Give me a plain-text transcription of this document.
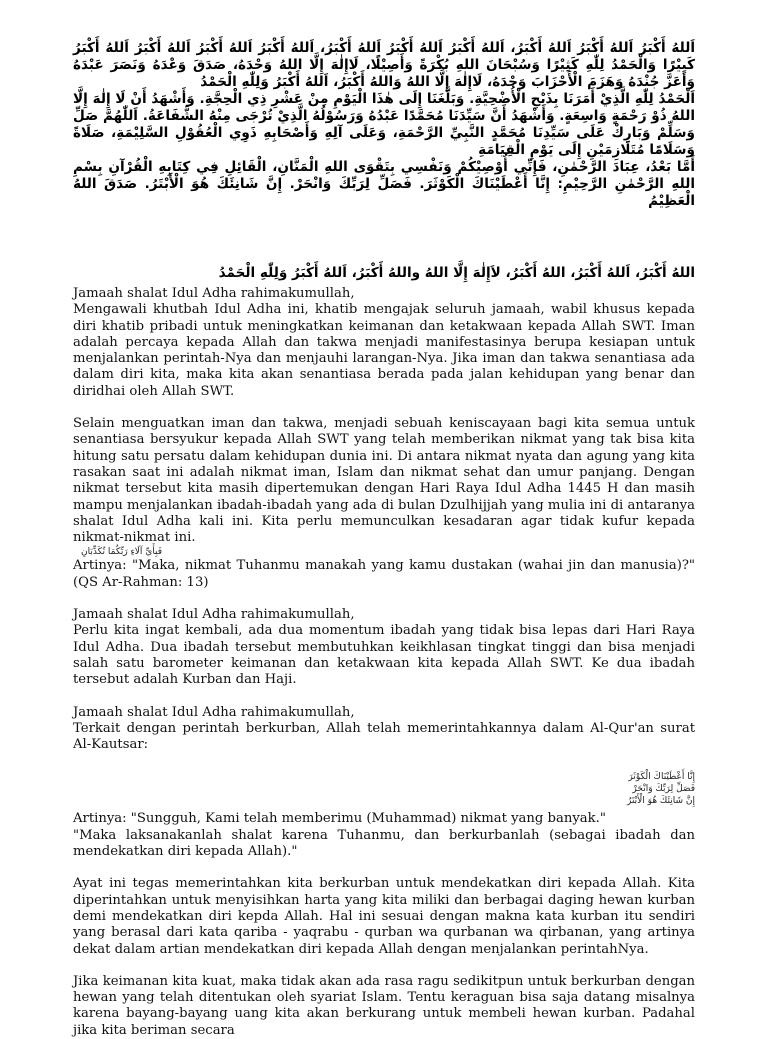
اَللهُ أَكْبَرُ اَللهُ أَكْبَرُ اَللهُ أَكْبَرُ، اَللهُ أَكْبَرُ اَللهُ أَكْبَرُ اَللهُ أَكْبَرُ، اَللهُ أَكْبَرُ اَللهُ أَكْبَرُ اَللهُ أَكْبَرُ اَللهُ أَكْبَرُ كَبِيْرًا وَالْحَمْدُ لِلّٰهِ كَثِيْرًا وَسُبْحَانَ اللهِ بُكْرَةً وَأَصِيْلًا، لَاإِلٰهَ إِلَّا اللهُ وَحْدَهُ، صَدَقَ وَعْدَهُ وَنَصَرَ عَبْدَهُ وَأَعَزَّ جُنْدَهُ وَهَزَمَ الْأَحْزَابَ وَحْدَهُ، لَاإِلٰهَ إِلَّا اللهُ وَاللهُ أَكْبَرُ، اَللهُ أَكْبَرُ وَلِلّٰهِ الْحَمْدُ

اَلْحَمْدُ لِلّٰهِ الَّذِيْ أَمَرَنَا بِذَبْحِ الْأُضْحِيَّةِ. وَبَلَّغَنَا إِلَى هٰذَا الْيَوْمِ مِنْ عَشْرِ ذِي الْحِجَّةِ. وَأَشْهَدُ أَنْ لَا إِلٰهَ إِلَّا اللهُ ذُوْ رَحْمَةٍ وَاسِعَةٍ. وَأَشْهَدُ أَنَّ سَيِّدَنَا مُحَمَّدًا عَبْدُهُ وَرَسُوْلُهُ الَّذِيْ تُرْجَى مِنْهُ الشَّفَاعَةُ. اَللّٰهُمَّ صَلِّ وَسَلِّمْ وَبَارِكْ عَلَى سَيِّدِنَا مُحَمَّدٍ النَّبِيِّ الرَّحْمَةِ، وَعَلَى آلِهِ وَأَصْحَابِهِ ذَوِي الْعُقُوْلِ السَّلِيْمَةِ، صَلَاةً وَسَلَامًا مُتَلَازِمَيْنِ إِلَى يَوْمِ الْقِيَامَةِ

أَمَّا بَعْدُ، عِبَادَ الرَّحْمٰنِ، فَإِنِّي أُوْصِيْكُمْ وَنَفْسِي بِتَقْوَى اللهِ الْمَنَّانِ، الْقَائِلِ فِي كِتَابِهِ الْقُرْآنِ بِسْمِ اللهِ الرَّحْمٰنِ الرَّحِيْمِ: إِنَّا أَعْطَيْنَاكَ الْكَوْثَرَ. فَصَلِّ لِرَبِّكَ وَانْحَرْ. إِنَّ شَانِئَكَ هُوَ الْأَبْتَرُ. صَدَقَ اللهُ الْعَظِيْمُ

اللهُ أَكْبَرُ، اَللهُ أَكْبَرُ، اللهُ أَكْبَرُ، لاَإِلٰهَ إِلَّا اللهُ واللهُ أَكْبَرُ، اَللهُ أَكْبَرُ وَلِلّٰهِ الْحَمْدُ

Jamaah shalat Idul Adha rahimakumullah,

Mengawali khutbah Idul Adha ini, khatib mengajak seluruh jamaah, wabil khusus kepada diri khatib pribadi untuk meningkatkan keimanan dan ketakwaan kepada Allah SWT. Iman adalah percaya kepada Allah dan takwa menjadi manifestasinya berupa kesiapan untuk menjalankan perintah-Nya dan menjauhi larangan-Nya. Jika iman dan takwa senantiasa ada dalam diri kita, maka kita akan senantiasa berada pada jalan kehidupan yang benar dan diridhai oleh Allah SWT.

Selain menguatkan iman dan takwa, menjadi sebuah keniscayaan bagi kita semua untuk senantiasa bersyukur kepada Allah SWT yang telah memberikan nikmat yang tak bisa kita hitung satu persatu dalam kehidupan dunia ini. Di antara nikmat nyata dan agung yang kita rasakan saat ini adalah nikmat iman, Islam dan nikmat sehat dan umur panjang. Dengan nikmat tersebut kita masih dipertemukan dengan Hari Raya Idul Adha 1445 H dan masih mampu menjalankan ibadah-ibadah yang ada di bulan Dzulhijjah yang mulia ini di antaranya shalat Idul Adha kali ini. Kita perlu memunculkan kesadaran agar tidak kufur kepada nikmat-nikmat ini.

فَبِأَيِّ آلَاءِ رَبِّكُمَا تُكَذِّبَانِ

Artinya: "Maka, nikmat Tuhanmu manakah yang kamu dustakan (wahai jin dan manusia)?" (QS Ar-Rahman: 13)

Jamaah shalat Idul Adha rahimakumullah,

Perlu kita ingat kembali, ada dua momentum ibadah yang tidak bisa lepas dari Hari Raya Idul Adha. Dua ibadah tersebut membutuhkan keikhlasan tingkat tinggi dan bisa menjadi salah satu barometer keimanan dan ketakwaan kita kepada Allah SWT. Ke dua ibadah tersebut adalah Kurban dan Haji.

Jamaah shalat Idul Adha rahimakumullah,

Terkait dengan perintah berkurban, Allah telah memerintahkannya dalam Al-Qur'an surat Al-Kautsar:

إِنَّا أَعْطَيْنَاكَ الْكَوْثَرَ
فَصَلِّ لِرَبِّكَ وَانْحَرْ
إِنَّ شَانِئَكَ هُوَ الْأَبْتَرُ

Artinya: "Sungguh, Kami telah memberimu (Muhammad) nikmat yang banyak."

"Maka laksanakanlah shalat karena Tuhanmu, dan berkurbanlah (sebagai ibadah dan mendekatkan diri kepada Allah)."

Ayat ini tegas memerintahkan kita berkurban untuk mendekatkan diri kepada Allah. Kita diperintahkan untuk menyisihkan harta yang kita miliki dan berbagai daging hewan kurban demi mendekatkan diri kepda Allah. Hal ini sesuai dengan makna kata kurban itu sendiri yang berasal dari kata qariba - yaqrabu - qurban wa qurbanan wa qirbanan, yang artinya dekat dalam artian mendekatkan diri kepada Allah dengan menjalankan perintahNya.

Jika keimanan kita kuat, maka tidak akan ada rasa ragu sedikitpun untuk berkurban dengan hewan yang telah ditentukan oleh syariat Islam. Tentu keraguan bisa saja datang misalnya karena bayang-bayang uang kita akan berkurang untuk membeli hewan kurban. Padahal jika kita beriman secara
